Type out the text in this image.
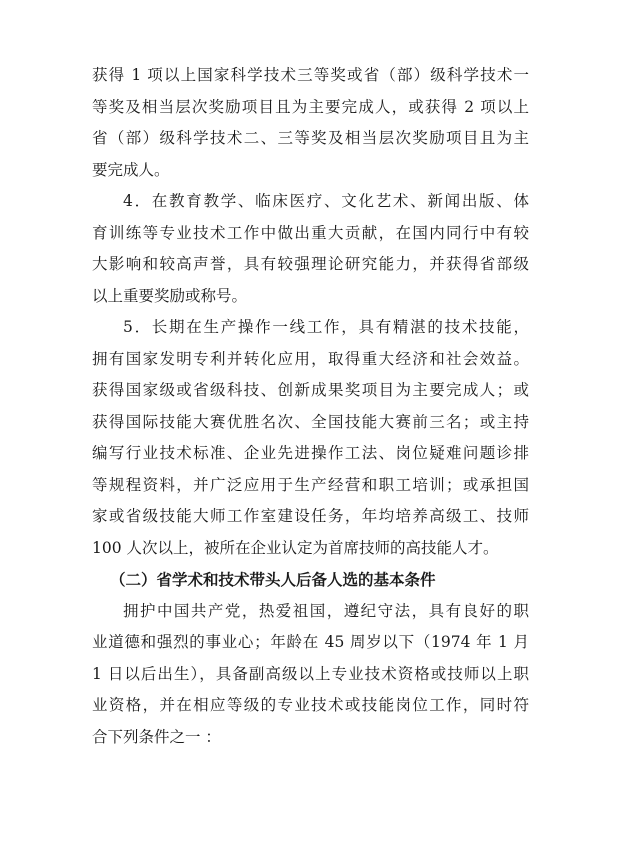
获得 1 项以上国家科学技术三等奖或省（部）级科学技术一
等奖及相当层次奖励项目且为主要完成人，或获得 2 项以上
省（部）级科学技术二、三等奖及相当层次奖励项目且为主
要完成人。
4．在教育教学、临床医疗、文化艺术、新闻出版、体
育训练等专业技术工作中做出重大贡献，在国内同行中有较
大影响和较高声誉，具有较强理论研究能力，并获得省部级
以上重要奖励或称号。
5．长期在生产操作一线工作，具有精湛的技术技能，
拥有国家发明专利并转化应用，取得重大经济和社会效益。
获得国家级或省级科技、创新成果奖项目为主要完成人；或
获得国际技能大赛优胜名次、全国技能大赛前三名；或主持
编写行业技术标准、企业先进操作工法、岗位疑难问题诊排
等规程资料，并广泛应用于生产经营和职工培训；或承担国
家或省级技能大师工作室建设任务，年均培养高级工、技师
100 人次以上，被所在企业认定为首席技师的高技能人才。
（二）省学术和技术带头人后备人选的基本条件
拥护中国共产党，热爱祖国，遵纪守法，具有良好的职
业道德和强烈的事业心；年龄在 45 周岁以下（1974 年 1 月
1 日以后出生），具备副高级以上专业技术资格或技师以上职
业资格，并在相应等级的专业技术或技能岗位工作，同时符
合下列条件之一 ：
